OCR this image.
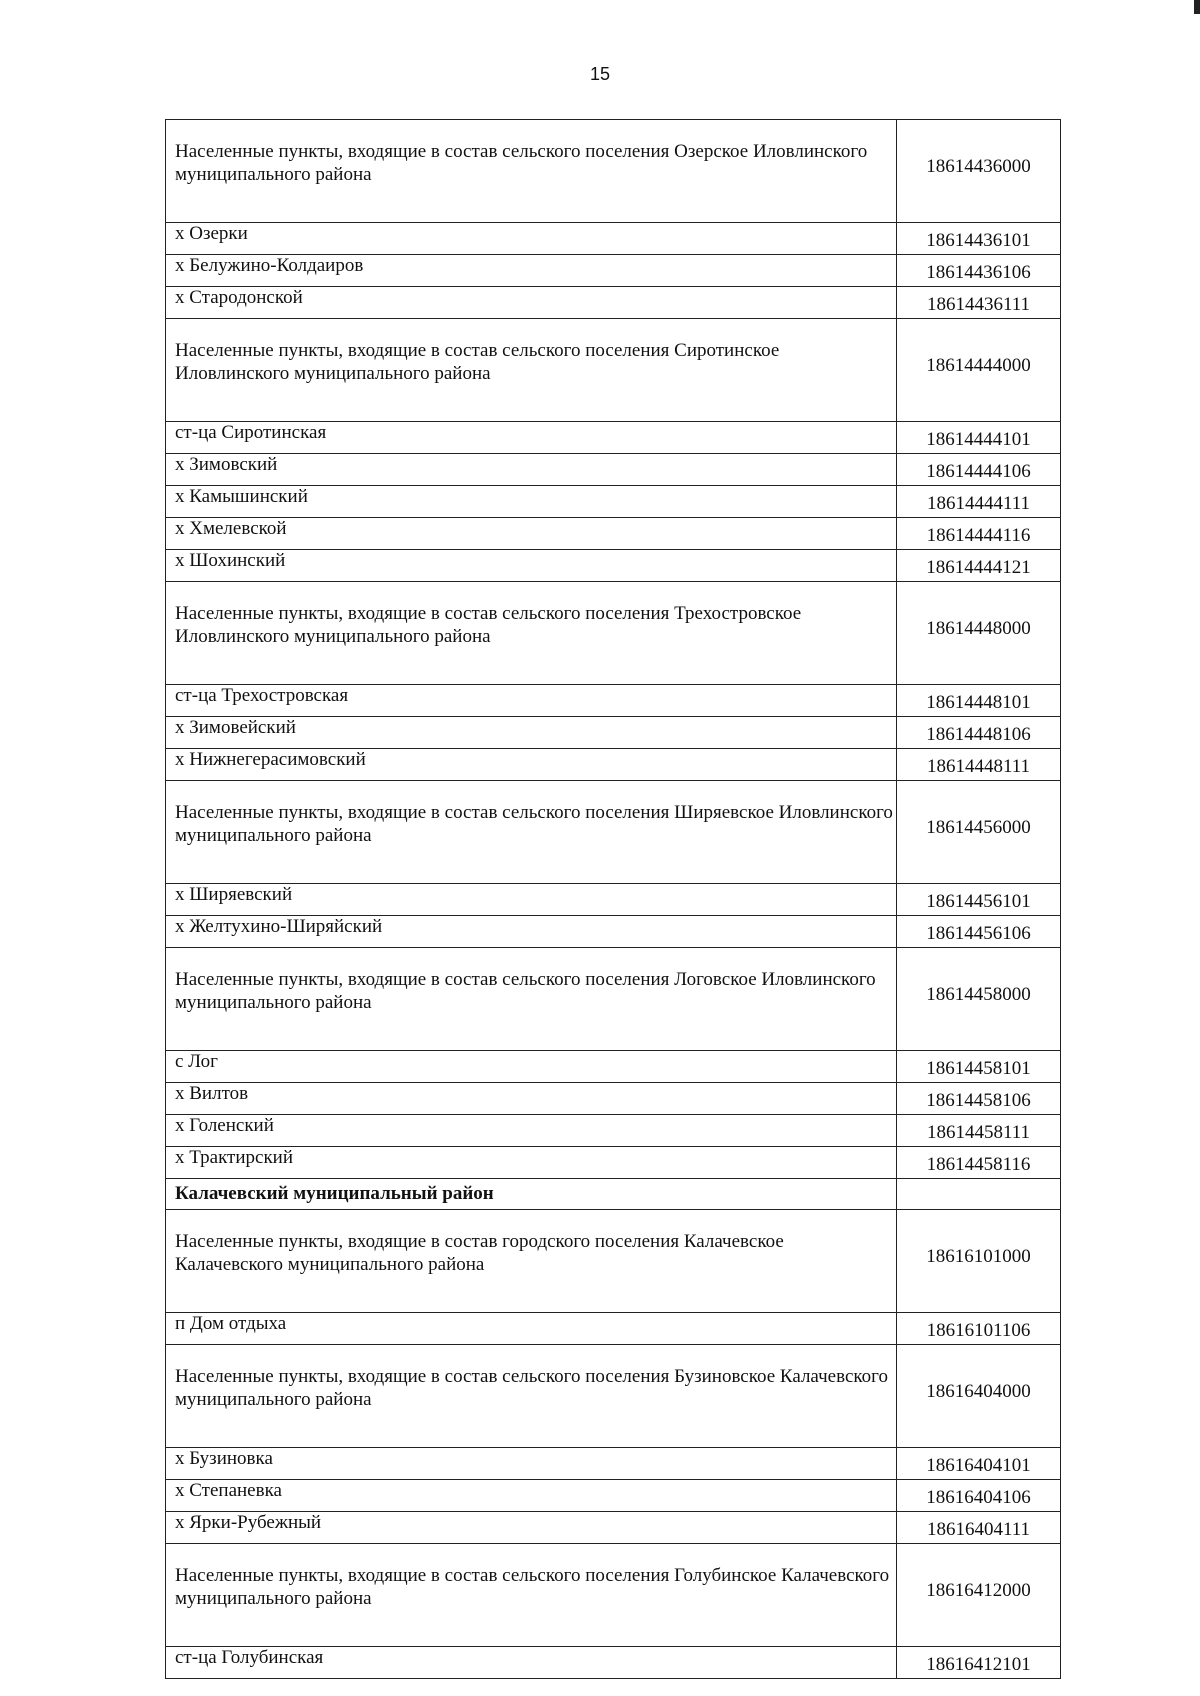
15
Населенные пункты, входящие в состав сельского поселения Озерское Иловлинского муниципального района	18614436000
х Озерки	18614436101
х Белужино-Колдаиров	18614436106
х Стародонской	18614436111
Населенные пункты, входящие в состав сельского поселения Сиротинское Иловлинского муниципального района	18614444000
ст-ца Сиротинская	18614444101
х Зимовский	18614444106
х Камышинский	18614444111
х Хмелевской	18614444116
х Шохинский	18614444121
Населенные пункты, входящие в состав сельского поселения Трехостровское Иловлинского муниципального района	18614448000
ст-ца Трехостровская	18614448101
х Зимовейский	18614448106
х Нижнегерасимовский	18614448111
Населенные пункты, входящие в состав сельского поселения Ширяевское Иловлинского муниципального района	18614456000
х Ширяевский	18614456101
х Желтухино-Ширяйский	18614456106
Населенные пункты, входящие в состав сельского поселения Логовское Иловлинского муниципального района	18614458000
с Лог	18614458101
х Вилтов	18614458106
х Голенский	18614458111
х Трактирский	18614458116
Калачевский муниципальный район	
Населенные пункты, входящие в состав городского поселения Калачевское Калачевского муниципального района	18616101000
п Дом отдыха	18616101106
Населенные пункты, входящие в состав сельского поселения Бузиновское Калачевского муниципального района	18616404000
х Бузиновка	18616404101
х Степаневка	18616404106
х Ярки-Рубежный	18616404111
Населенные пункты, входящие в состав сельского поселения Голубинское Калачевского муниципального района	18616412000
ст-ца Голубинская	18616412101
